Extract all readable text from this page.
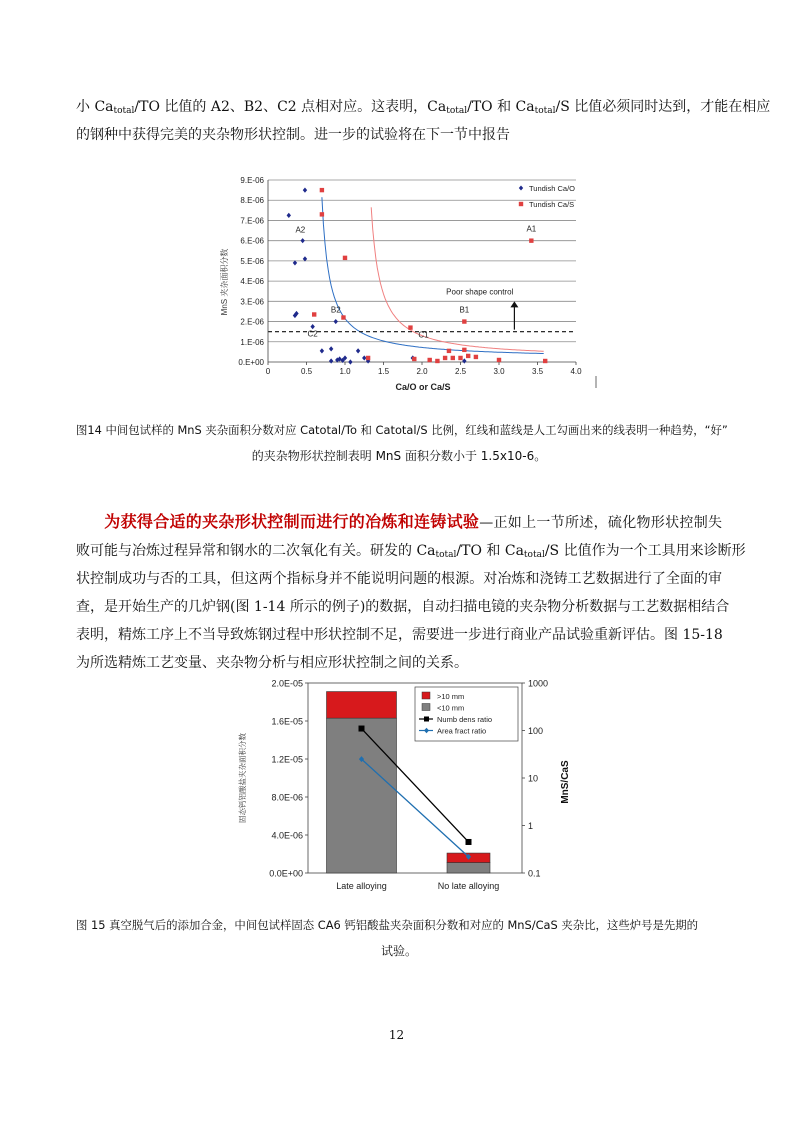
小 $Ca_{total}/TO$ 比值的 A2、B2、C2 点相对应。这表明，$Ca_{total}/TO$ 和 $Ca_{total}/S$ 比值必须同时达到，才能在相应
的钢种中获得完美的夹杂物形状控制。进一步的试验将在下一节中报告
0.E+00
1.E-06
2.E-06
3.E-06
4.E-06
5.E-06
6.E-06
7.E-06
8.E-06
9.E-06
0	0.5	1.0	1.5	2.0	2.5	3.0	3.5	4.0
A1
A2
B1
B2
C2	C1
Poor shape control
Tundish Ca/O
Tundish Ca/S
MnS 夹杂面积分数
Ca/O or Ca/S
图14 中间包试样的 MnS 夹杂面积分数对应 Catotal/To 和 Catotal/S 比例，红线和蓝线是人工勾画出来的线表明一种趋势，“好”
的夹杂物形状控制表明 MnS 面积分数小于 1.5x10-6。
为获得合适的夹杂形状控制而进行的冶炼和连铸试验—正如上一节所述，硫化物形状控制失
败可能与冶炼过程异常和钢水的二次氧化有关。研发的 $Ca_{total}/TO$ 和 $Ca_{total}/S$ 比值作为一个工具用来诊断形
状控制成功与否的工具，但这两个指标身并不能说明问题的根源。对冶炼和浇铸工艺数据进行了全面的审
查，是开始生产的几炉钢(图 1-14 所示的例子)的数据，自动扫描电镜的夹杂物分析数据与工艺数据相结合
表明，精炼工序上不当导致炼钢过程中形状控制不足，需要进一步进行商业产品试验重新评估。图 15-18
为所选精炼工艺变量、夹杂物分析与相应形状控制之间的关系。
0.0E+00
4.0E-06
8.0E-06
1.2E-05
1.6E-05
2.0E-05
0.1
1
10
100
1000
Late alloying	No late alloying
>10 mm
<10 mm
Numb dens ratio
Area fract ratio
固态钙铝酸盐夹杂面积分数	MnS/CaS
图 15 真空脱气后的添加合金，中间包试样固态 CA6 钙铝酸盐夹杂面积分数和对应的 MnS/CaS 夹杂比，这些炉号是先期的
试验。
12
